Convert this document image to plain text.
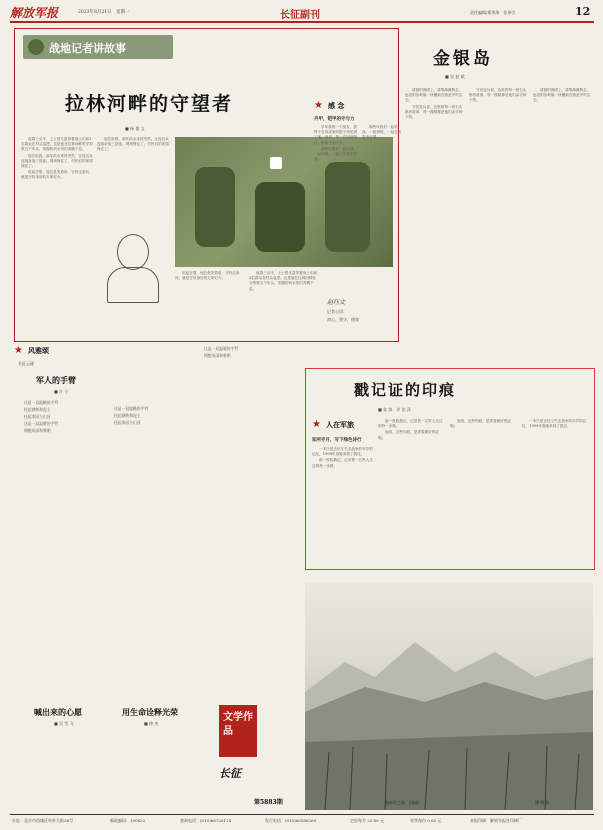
解放军报	2023年8月21日　星期一	长征副刊	责任编辑/郑茂琦　张译引	12
战地记者讲故事
拉林河畔的守望者
■ 杨 俊 文

夜幕三点半，上士曾凡富带着战士们和3名群众在村头巡逻。这是他在拉林河畔驻守的第五个年头，汛期的河水依旧奔腾不息。

他告诉我，那年洪水来得突然，全连官兵连续奋战三昼夜，堤坝保住了，村民们的家园保住了。

说起守望，他总是笑着说：守好这条河，就是守好身后的万家灯火。

他告诉我，那年洪水来得突然，全连官兵连续奋战三昼夜，堤坝保住了，村民们的家园保住了。

说起守望，他总是笑着说：守好这条河，就是守好身后的万家灯火。

夜幕三点半，上士曾凡富带着战士们和3名群众在村头巡逻。这是他在拉林河畔驻守的第五个年头，汛期的河水依旧奔腾不息。

赵珏文
记者心语：
初心、坚守、使命
★ 感 念
丹甲，铠甲的守与力

早年我的一个战友，我终于在母亲家的院子里见到了他。他说，每一次回到营区，都像回到了家。

那些年我们一起站岗，一起训练，一起在风雪中守望。

那些年我们一起站岗，一起训练，一起在风雪中守望。

金银岛
■ 吴 兹 斌

清晨的海面上，薄雾渐渐散去，远处的岛屿像一块镶嵌在蔚蓝中的宝石。

守岛官兵说，这里的每一块石头都有故事，每一棵树都是他们亲手种下的。

守岛官兵说，这里的每一块石头都有故事，每一棵树都是他们亲手种下的。

清晨的海面上，薄雾渐渐散去，远处的岛屿像一块镶嵌在蔚蓝中的宝石。

戳记证的印痕
■ 张 涛　许 忠 萍
★ 人在军旅
知所守月，写下绿色诗行

一本只是去信义失去战争的年岁的记忆，1999年春她来到了我这。

那一枚枚戳记，记录着一名军人走过的每一步路。

那一枚枚戳记，记录着一名军人走过的每一步路。

他说，这些印痕，是青春最好的证明。

他说，这些印痕，是青春最好的证明。

一本只是去信义失去战争的年岁的记忆，1999年春她来到了我这。

★ 风雅颂
长征云砚
军人的手臂
■ 许 子
这是一双粗糙的手臂
托起钢铁和泥土
托起家园与山河
这是一双温暖的手臂
拥抱风雨和黎明
这是一双粗糙的手臂
托起钢铁和泥土
托起家园与山河
这是一双温暖的手臂
拥抱风雨和黎明
喊出来的心愿
■ 吴 雪 飞
用生命诠释光荣
■ 徐 杰
文学作品
长征
第5883期	帕米尔之晨 （国画）	谭 明 作
社址：北京市西城区阜外大街34号	邮政编码：100832	查询电话：(010)66720114	发行电话：(010)66586260	定价每月 20.80 元	零售每份 0.65 元	本报印刷：解放军报社印刷厂
